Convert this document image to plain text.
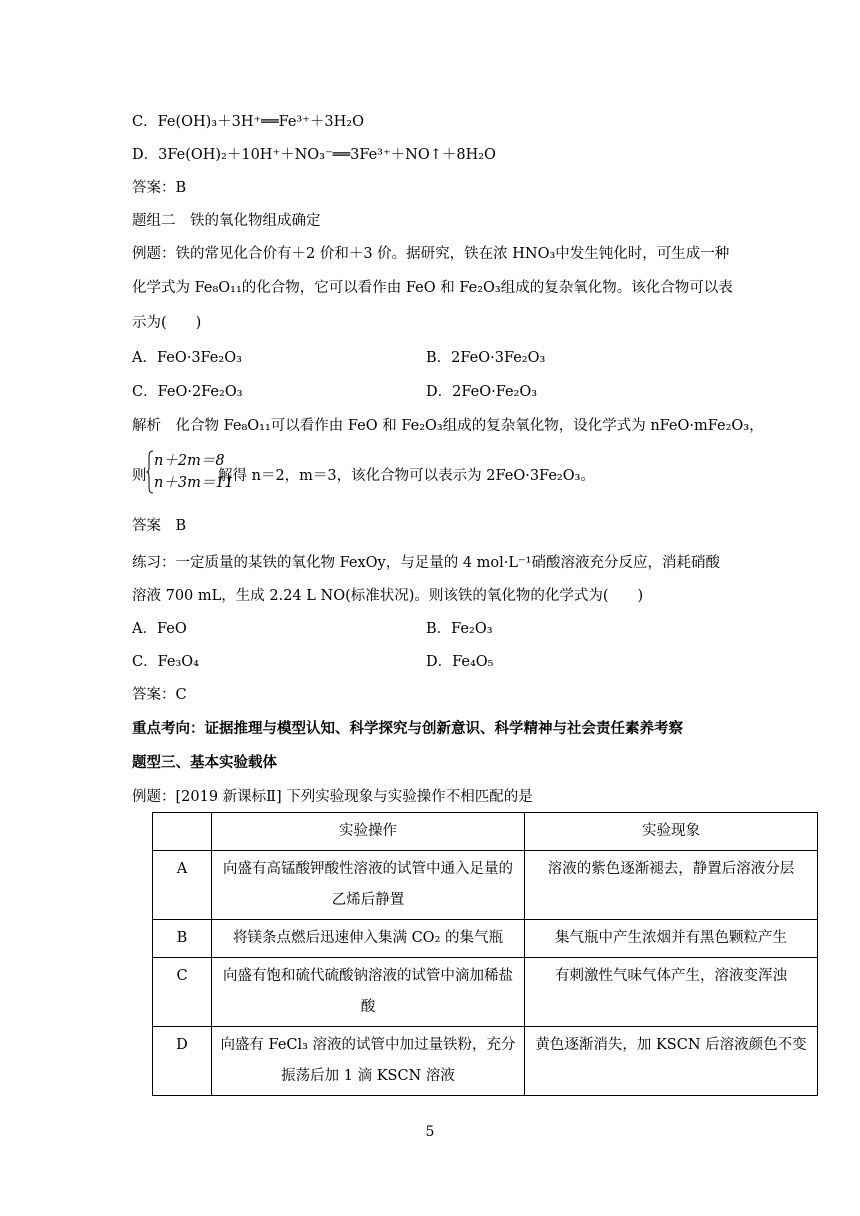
C．Fe(OH)₃＋3H⁺══Fe³⁺＋3H₂O
D．3Fe(OH)₂＋10H⁺＋NO₃⁻══3Fe³⁺＋NO↑＋8H₂O
答案：B
题组二　铁的氧化物组成确定
例题：铁的常见化合价有＋2 价和＋3 价。据研究，铁在浓 HNO₃中发生钝化时，可生成一种
化学式为 Fe₈O₁₁的化合物，它可以看作由 FeO 和 Fe₂O₃组成的复杂氧化物。该化合物可以表
示为(　　)
A．FeO·3Fe₂O₃	B．2FeO·3Fe₂O₃
C．FeO·2Fe₂O₃	D．2FeO·Fe₂O₃
解析　化合物 Fe₈O₁₁可以看作由 FeO 和 Fe₂O₃组成的复杂氧化物，设化学式为 nFeO·mFe₂O₃，
则
n＋2m＝8
n＋3m＝11
解得 n＝2，m＝3，该化合物可以表示为 2FeO·3Fe₂O₃。
答案　B
练习：一定质量的某铁的氧化物 FexOy，与足量的 4 mol·L⁻¹硝酸溶液充分反应，消耗硝酸
溶液 700 mL，生成 2.24 L NO(标准状况)。则该铁的氧化物的化学式为(　　)
A．FeO	B．Fe₂O₃
C．Fe₃O₄	D．Fe₄O₅
答案：C
重点考向：证据推理与模型认知、科学探究与创新意识、科学精神与社会责任素养考察
题型三、基本实验载体
例题：[2019 新课标Ⅱ] 下列实验现象与实验操作不相匹配的是
	实验操作	实验现象
A	向盛有高锰酸钾酸性溶液的试管中通入足量的乙烯后静置	溶液的紫色逐渐褪去，静置后溶液分层
B	将镁条点燃后迅速伸入集满 CO₂ 的集气瓶	集气瓶中产生浓烟并有黑色颗粒产生
C	向盛有饱和硫代硫酸钠溶液的试管中滴加稀盐酸	有刺激性气味气体产生，溶液变浑浊
D	向盛有 FeCl₃ 溶液的试管中加过量铁粉，充分振荡后加 1 滴 KSCN 溶液	黄色逐渐消失，加 KSCN 后溶液颜色不变
5
